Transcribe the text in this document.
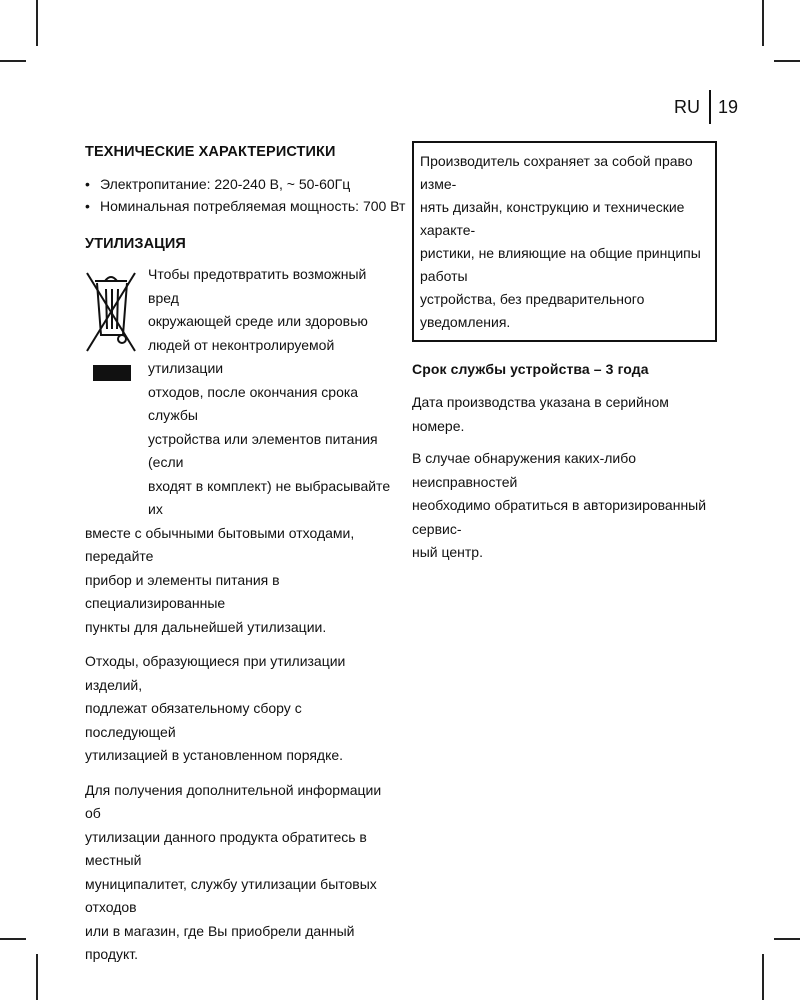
RU	19
ТЕХНИЧЕСКИЕ ХАРАКТЕРИСТИКИ
• Электропитание: 220-240 В, ~ 50-60Гц
• Номинальная потребляемая мощность: 700 Вт
УТИЛИЗАЦИЯ

Чтобы предотвратить возможный вред

окружающей среде или здоровью

людей от неконтролируемой утилизации

отходов, после окончания срока службы

устройства или элементов питания (если

входят в комплект) не выбрасывайте их

вместе с обычными бытовыми отходами, передайте

прибор и элементы питания в специализированные

пункты для дальнейшей утилизации.

Отходы, образующиеся при утилизации изделий,

подлежат обязательному сбору с последующей

утилизацией в установленном порядке.

Для получения дополнительной информации об

утилизации данного продукта обратитесь в местный

муниципалитет, службу утилизации бытовых отходов

или в магазин, где Вы приобрели данный продукт.

Производитель сохраняет за собой право изме-
нять дизайн, конструкцию и технические характе-
ристики, не влияющие на общие принципы работы
устройства, без предварительного уведомления.
Срок службы устройства – 3 года

Дата производства указана в серийном номере.

В случае обнаружения каких-либо неисправностей

необходимо обратиться в авторизированный сервис-

ный центр.
